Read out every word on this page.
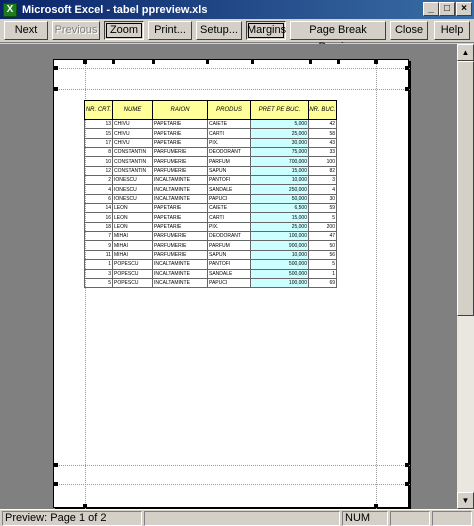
X Microsoft Excel - tabel ppreview.xls	_	□	×
Next	Previous	Zoom	Print...	Setup... Margins	Page Break	Close	Help
NR. CRT.	NUME	RAION	PRODUS	PRET PE BUC.	NR. BUC.
13	CHIVU	PAPETARIE	CAIETE	5,000	42
15	CHIVU	PAPETARIE	CARTI	25,000	58
17	CHIVU	PAPETARIE	PIX.	30,000	43
8	CONSTANTIN	PARFUMERIE	DEODORANT	75,000	33
10	CONSTANTIN	PARFUMERIE	PARFUM	700,000	100
12	CONSTANTIN	PARFUMERIE	SAPUN	15,000	82
2	IONESCU	INCALTAMINTE	PANTOFI	10,000	3
4	IONESCU	INCALTAMINTE	SANDALE	250,000	4
6	IONESCU	INCALTAMINTE	PAPUCI	50,000	30
14	LEON	PAPETARIE	CAIETE	6,500	59
16	LEON	PAPETARIE	CARTI	15,000	5
18	LEON	PAPETARIE	PIX.	25,000	200
7	MIHAI	PARFUMERIE	DEODORANT	100,000	47
9	MIHAI	PARFUMERIE	PARFUM	900,000	50
11	MIHAI	PARFUMERIE	SAPUN	10,000	56
1	POPESCU	INCALTAMINTE	PANTOFI	500,000	5
3	POPESCU	INCALTAMINTE	SANDALE	500,000	1
5	POPESCU	INCALTAMINTE	PAPUCI	100,000	69
▲
▼
Preview: Page 1 of 2	NUM
